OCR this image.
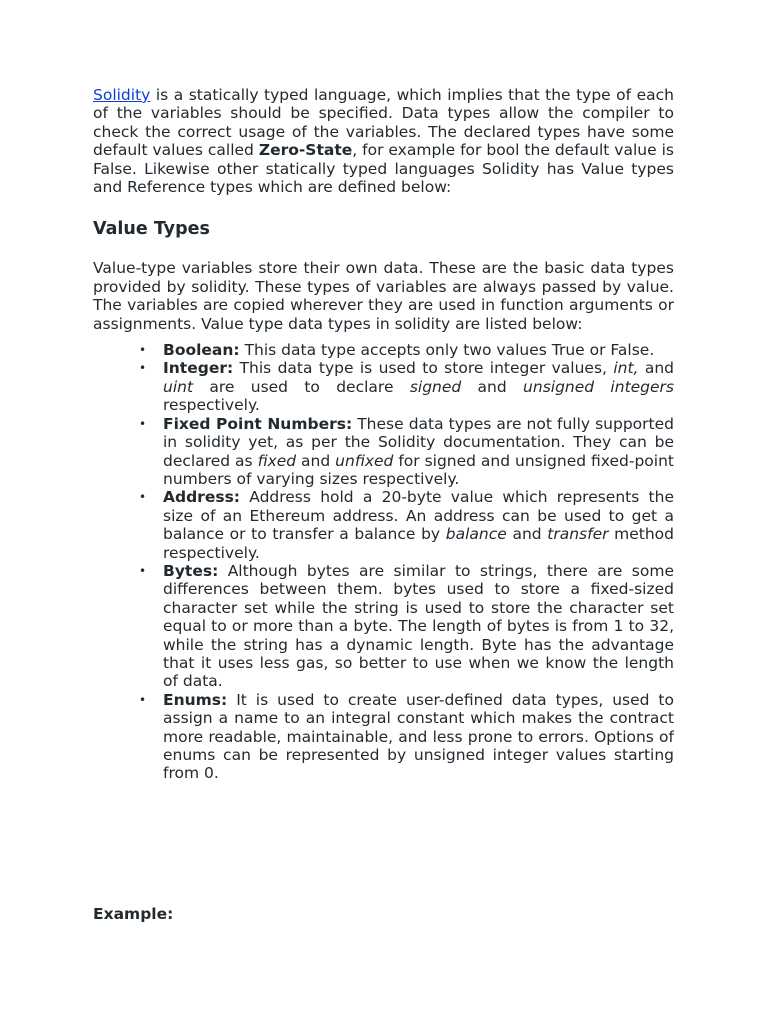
Solidity is a statically typed language, which implies that the type of each of the variables should be specified. Data types allow the compiler to check the correct usage of the variables. The declared types have some default values called Zero-State, for example for bool the default value is False. Likewise other statically typed languages Solidity has Value types and Reference types which are defined below:

Value Types

Value-type variables store their own data. These are the basic data types provided by solidity. These types of variables are always passed by value. The variables are copied wherever they are used in function arguments or assignments. Value type data types in solidity are listed below:

• Boolean: This data type accepts only two values True or False.
• Integer: This data type is used to store integer values, int, and uint are used to declare signed and unsigned integers respectively.
• Fixed Point Numbers: These data types are not fully supported in solidity yet, as per the Solidity documentation. They can be declared as fixed and unfixed for signed and unsigned fixed-point numbers of varying sizes respectively.
• Address: Address hold a 20-byte value which represents the size of an Ethereum address. An address can be used to get a balance or to transfer a balance by balance and transfer method respectively.
• Bytes: Although bytes are similar to strings, there are some differences between them. bytes used to store a fixed-sized character set while the string is used to store the character set equal to or more than a byte. The length of bytes is from 1 to 32, while the string has a dynamic length. Byte has the advantage that it uses less gas, so better to use when we know the length of data.
• Enums: It is used to create user-defined data types, used to assign a name to an integral constant which makes the contract more readable, maintainable, and less prone to errors. Options of enums can be represented by unsigned integer values starting from 0.
Example:
